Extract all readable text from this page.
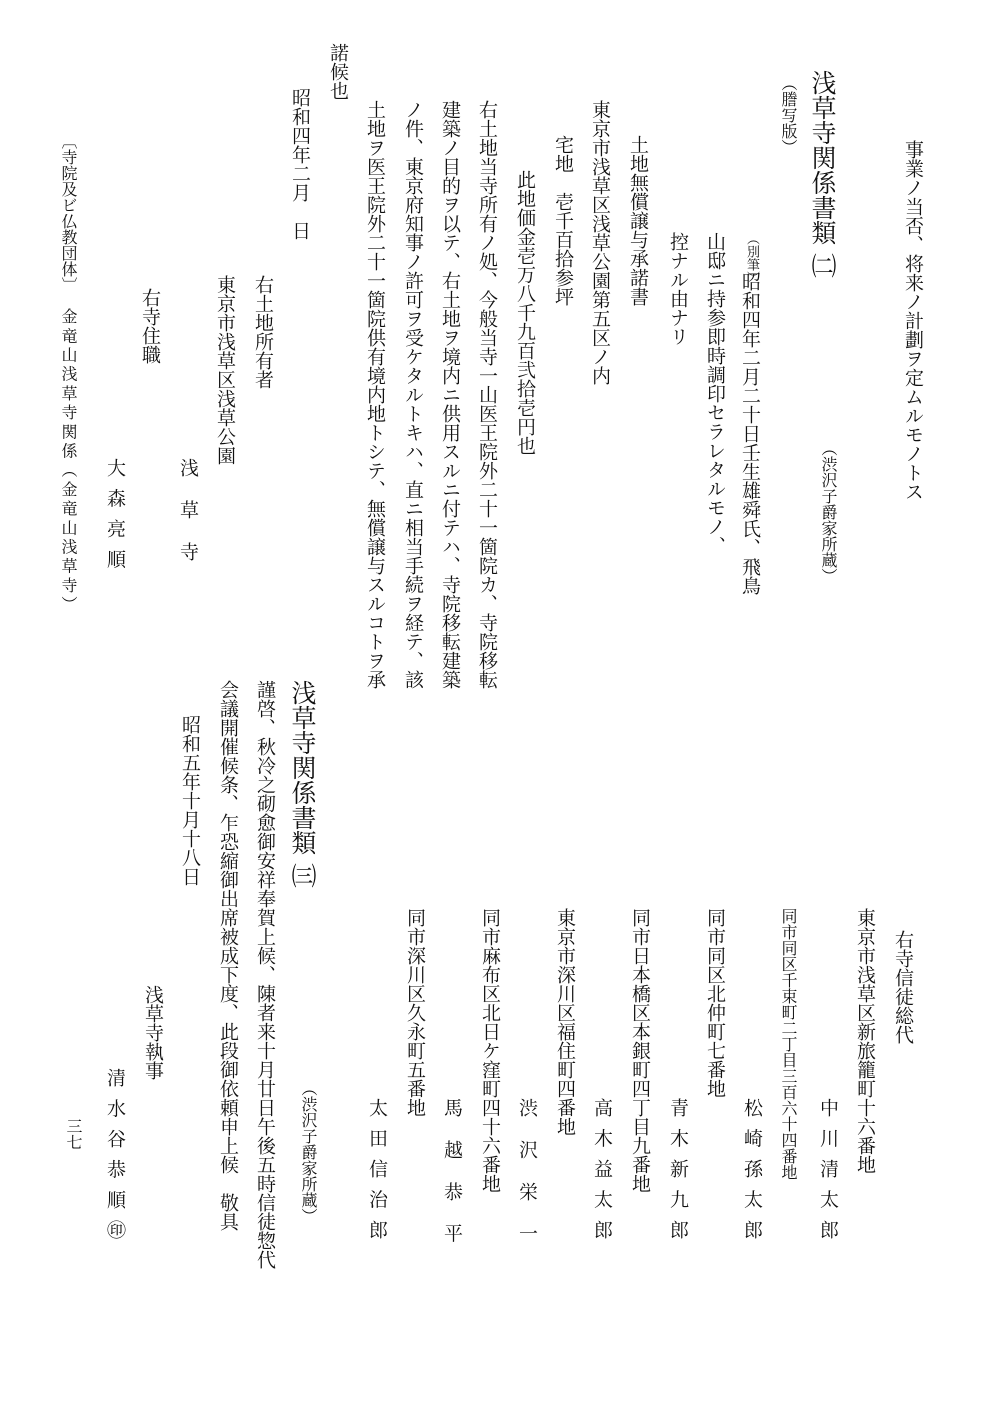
事業ノ当否、将来ノ計劃ヲ定ムルモノトス
（渋沢子爵家所蔵）
浅草寺関係書類 ㈡
（謄写版）
（別筆）
昭和四年二月二十日壬生雄舜氏、飛鳥
山邸ニ持参即時調印セラレタルモノ、
控ナル由ナリ
土地無償譲与承諾書
東京市浅草区浅草公園第五区ノ内
宅地　壱千百拾参坪
此地価金壱万八千九百弐拾壱円也
右土地当寺所有ノ処、今般当寺一山医王院外二十一箇院カ、寺院移転
建築ノ目的ヲ以テ、右土地ヲ境内ニ供用スルニ付テハ、寺院移転建築
ノ件、東京府知事ノ許可ヲ受ケタルトキハ、直ニ相当手続ヲ経テ、該
土地ヲ医王院外二十一箇院供有境内地トシテ、無償譲与スルコトヲ承
諾候也
昭和四年二月　日
右土地所有者
東京市浅草区浅草公園
浅草寺
右寺住職
大森亮順
〔寺院及ビ仏教団体〕
金竜山浅草寺関係（金竜山浅草寺）
右寺信徒総代
東京市浅草区新旅籠町十六番地
中川清太郎
同市同区千束町二丁目三百六十四番地
松崎孫太郎
同市同区北仲町七番地
青木新九郎
同市日本橋区本銀町四丁目九番地
高木益太郎
東京市深川区福住町四番地
渋沢栄一
同市麻布区北日ケ窪町四十六番地
馬越恭平
同市深川区久永町五番地
太田信治郎
（渋沢子爵家所蔵）
浅草寺関係書類 ㈢
謹啓、秋冷之砌愈御安祥奉賀上候、陳者来十月廿日午後五時信徒惣代
会議開催候条、乍恐縮御出席被成下度、此段御依頼申上候　敬具
昭和五年十月十八日
浅草寺執事
清水谷恭順㊞
三七
